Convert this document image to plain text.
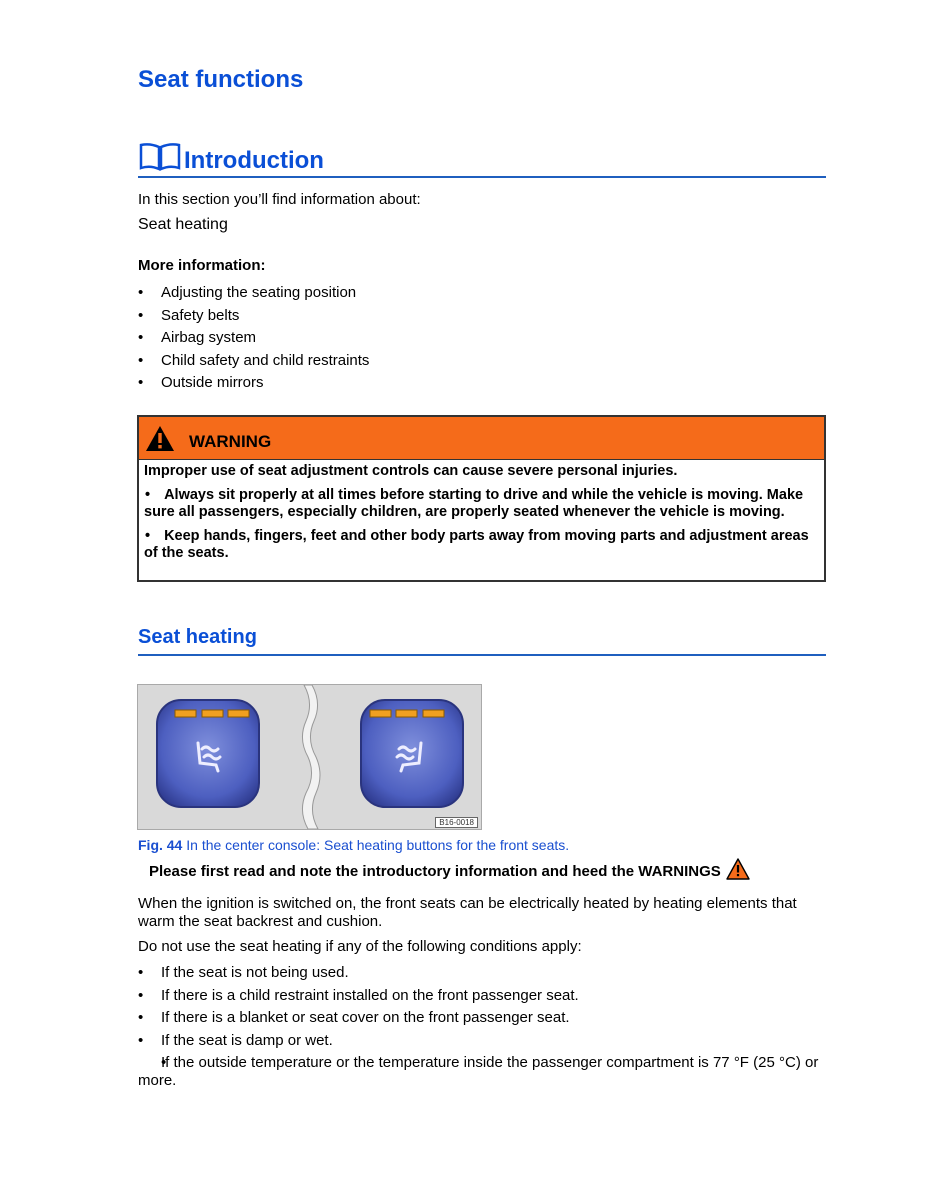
Seat functions
Introduction

In this section you’ll find information about:

Seat heating

More information:

• Adjusting the seating position
• Safety belts
• Airbag system
• Child safety and child restraints
• Outside mirrors
WARNING

Improper use of seat adjustment controls can cause severe personal injuries.

• Always sit properly at all times before starting to drive and while the vehicle is moving. Make sure all passengers, especially children, are properly seated whenever the vehicle is moving.

• Keep hands, fingers, feet and other body parts away from moving parts and adjustment areas of the seats.

Seat heating
B16-0018

Fig. 44 In the center console: Seat heating buttons for the front seats.

Please first read and note the introductory information and heed the WARNINGS

When the ignition is switched on, the front seats can be electrically heated by heating elements that warm the seat backrest and cushion.

Do not use the seat heating if any of the following conditions apply:

• If the seat is not being used.
• If there is a child restraint installed on the front passenger seat.
• If there is a blanket or seat cover on the front passenger seat.
• If the seat is damp or wet.
• If the outside temperature or the temperature inside the passenger compartment is 77 °F (25 °C) or more.
